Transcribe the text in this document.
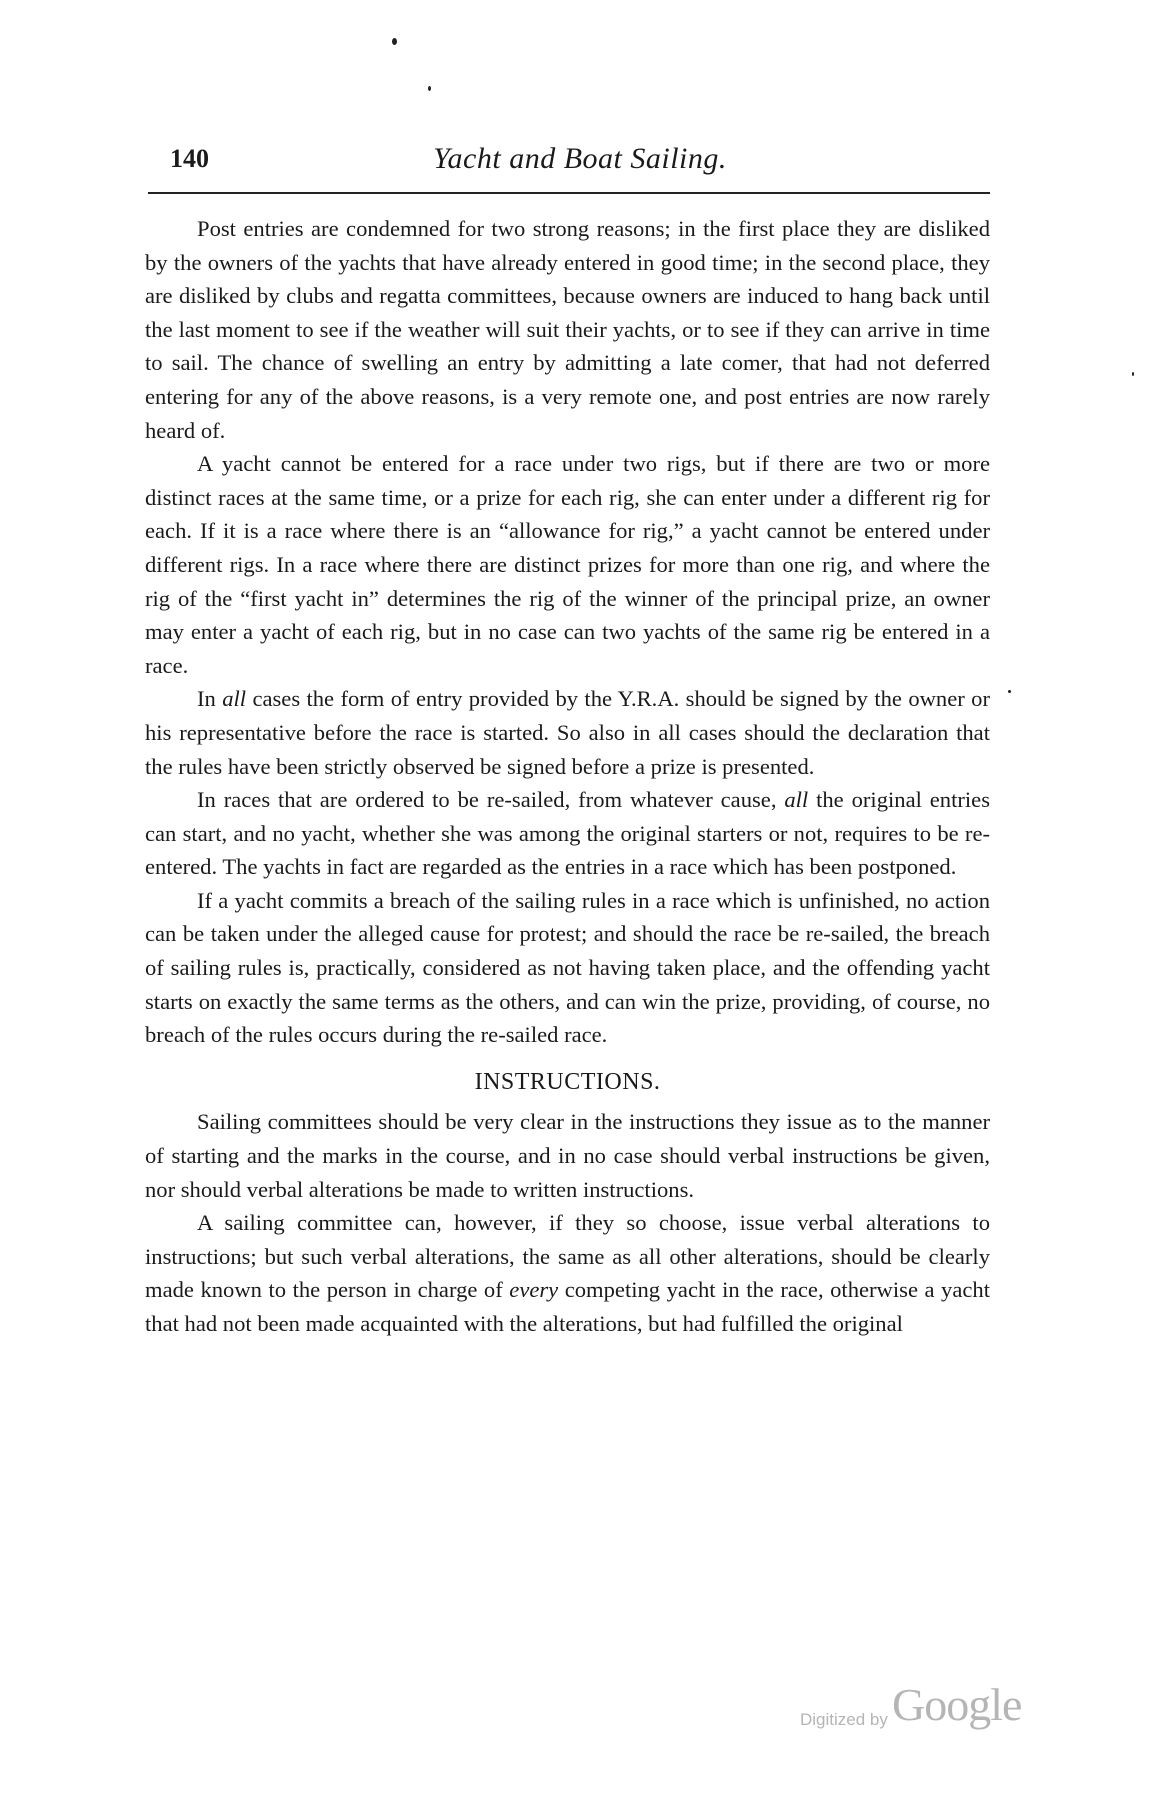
140	Yacht and Boat Sailing.

Post entries are condemned for two strong reasons; in the first place they are disliked by the owners of the yachts that have already entered in good time; in the second place, they are disliked by clubs and regatta committees, because owners are induced to hang back until the last moment to see if the weather will suit their yachts, or to see if they can arrive in time to sail. The chance of swelling an entry by admitting a late comer, that had not deferred entering for any of the above reasons, is a very remote one, and post entries are now rarely heard of.

A yacht cannot be entered for a race under two rigs, but if there are two or more distinct races at the same time, or a prize for each rig, she can enter under a different rig for each. If it is a race where there is an “allowance for rig,” a yacht cannot be entered under different rigs. In a race where there are distinct prizes for more than one rig, and where the rig of the “first yacht in” determines the rig of the winner of the principal prize, an owner may enter a yacht of each rig, but in no case can two yachts of the same rig be entered in a race.

In all cases the form of entry provided by the Y.R.A. should be signed by the owner or his representative before the race is started. So also in all cases should the declaration that the rules have been strictly observed be signed before a prize is presented.

In races that are ordered to be re-sailed, from whatever cause, all the original entries can start, and no yacht, whether she was among the original starters or not, requires to be re-entered. The yachts in fact are regarded as the entries in a race which has been postponed.

If a yacht commits a breach of the sailing rules in a race which is unfinished, no action can be taken under the alleged cause for protest; and should the race be re-sailed, the breach of sailing rules is, practically, considered as not having taken place, and the offending yacht starts on exactly the same terms as the others, and can win the prize, providing, of course, no breach of the rules occurs during the re-sailed race.

INSTRUCTIONS.

Sailing committees should be very clear in the instructions they issue as to the manner of starting and the marks in the course, and in no case should verbal instructions be given, nor should verbal alterations be made to written instructions.

A sailing committee can, however, if they so choose, issue verbal alterations to instructions; but such verbal alterations, the same as all other alterations, should be clearly made known to the person in charge of every competing yacht in the race, otherwise a yacht that had not been made acquainted with the alterations, but had fulfilled the original

Digitized by Google
